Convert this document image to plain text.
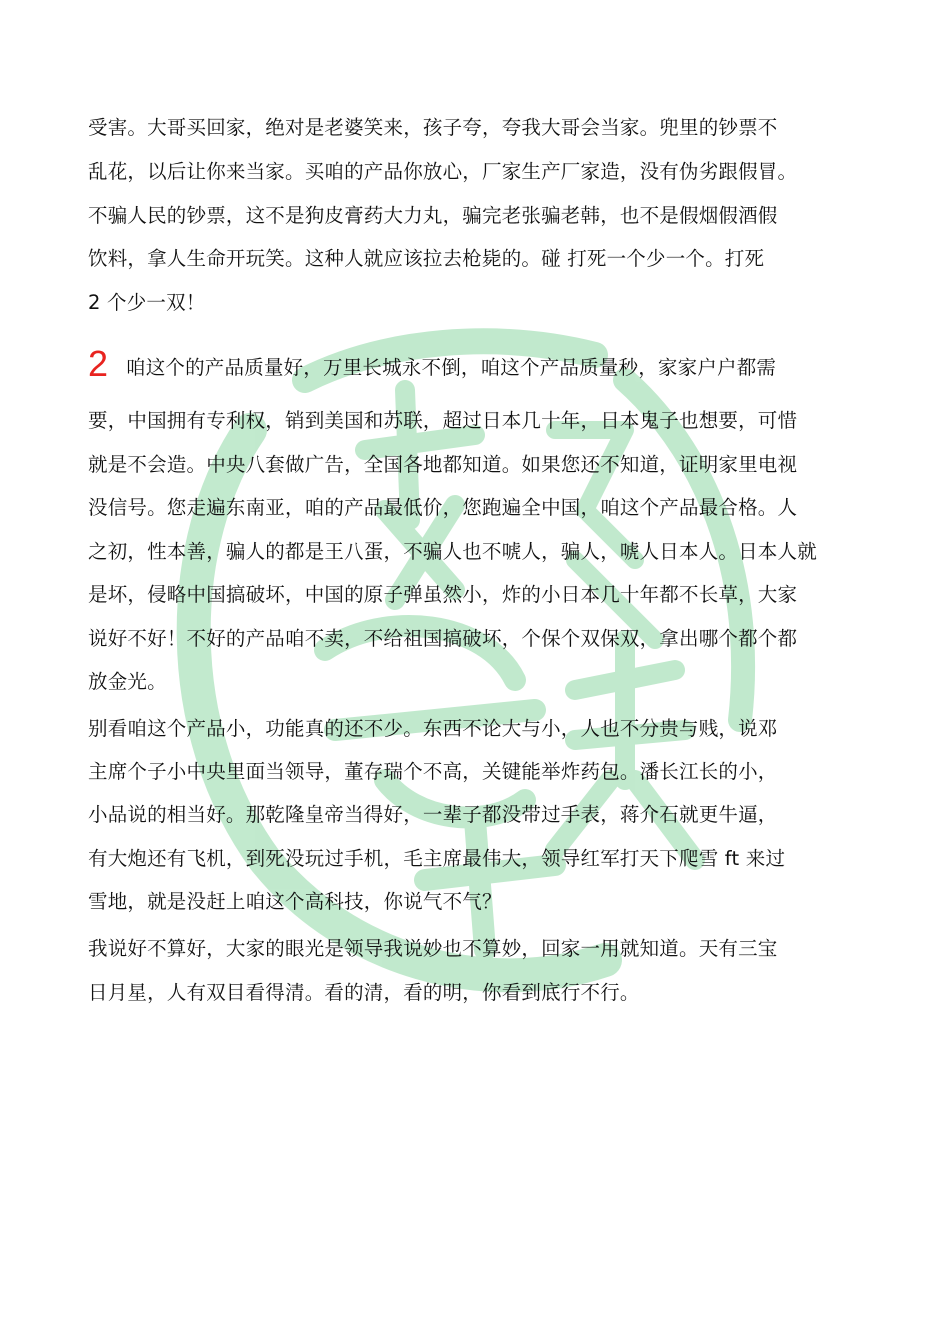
2
受害。大哥买回家，绝对是老婆笑来，孩子夸，夸我大哥会当家。兜里的钞票不
乱花，以后让你来当家。买咱的产品你放心，厂家生产厂家造，没有伪劣跟假冒。
不骗人民的钞票，这不是狗皮膏药大力丸，骗完老张骗老韩，也不是假烟假酒假
饮料，拿人生命开玩笑。这种人就应该拉去枪毙的。碰 打死一个少一个。打死
2 个少一双！
咱这个的产品质量好，万里长城永不倒，咱这个产品质量秒，家家户户都需
要，中国拥有专利权，销到美国和苏联，超过日本几十年，日本鬼子也想要，可惜
就是不会造。中央八套做广告，全国各地都知道。如果您还不知道，证明家里电视
没信号。您走遍东南亚，咱的产品最低价，您跑遍全中国，咱这个产品最合格。人
之初，性本善，骗人的都是王八蛋，不骗人也不唬人，骗人，唬人日本人。日本人就
是坏，侵略中国搞破坏，中国的原子弹虽然小，炸的小日本几十年都不长草，大家
说好不好！不好的产品咱不卖，不给祖国搞破坏，个保个双保双，拿出哪个都个都
放金光。
别看咱这个产品小，功能真的还不少。东西不论大与小，人也不分贵与贱，说邓
主席个子小中央里面当领导，董存瑞个不高，关键能举炸药包。潘长江长的小，
小品说的相当好。那乾隆皇帝当得好，一辈子都没带过手表，蒋介石就更牛逼，
有大炮还有飞机，到死没玩过手机，毛主席最伟大，领导红军打天下爬雪 ft 来过
雪地，就是没赶上咱这个高科技，你说气不气？
我说好不算好，大家的眼光是领导我说妙也不算妙，回家一用就知道。天有三宝
日月星，人有双目看得清。看的清，看的明，你看到底行不行。
